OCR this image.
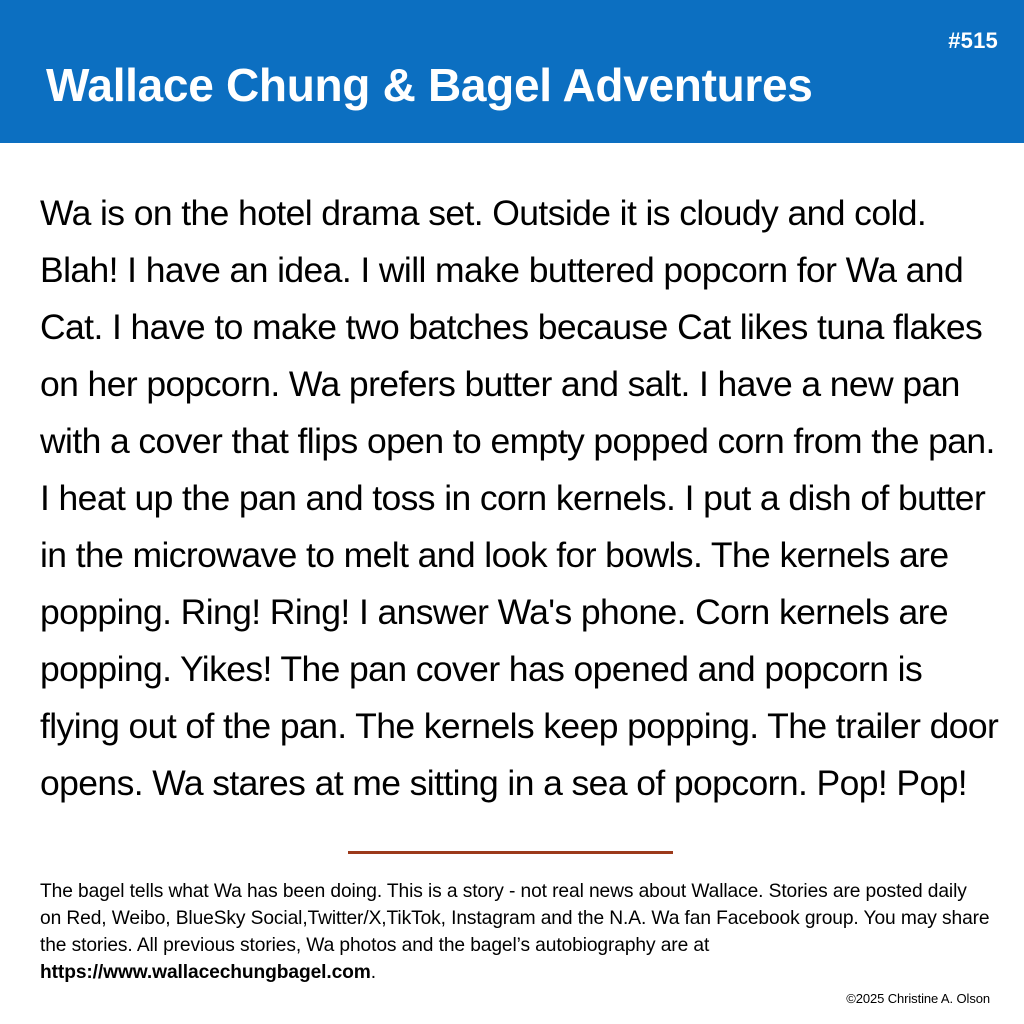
#515
Wallace Chung & Bagel Adventures
Wa is on the hotel drama set. Outside it is cloudy and cold. Blah! I have an idea. I will make buttered popcorn for Wa and Cat. I have to make two batches because Cat likes tuna flakes on her popcorn. Wa prefers butter and salt. I have a new pan with a cover that flips open to empty popped corn from the pan. I heat up the pan and toss in corn kernels. I put a dish of butter in the microwave to melt and look for bowls. The kernels are popping. Ring! Ring! I answer Wa's phone. Corn kernels are popping. Yikes! The pan cover has opened and popcorn is flying out of the pan. The kernels keep popping. The trailer door opens. Wa stares at me sitting in a sea of popcorn. Pop! Pop!
The bagel tells what Wa has been doing. This is a story - not real news about Wallace. Stories are posted daily on Red, Weibo, BlueSky Social,Twitter/X,TikTok, Instagram and the N.A. Wa fan Facebook group. You may share the stories. All previous stories, Wa photos and the bagel’s autobiography are at https://www.wallacechungbagel.com.
©2025 Christine A. Olson
